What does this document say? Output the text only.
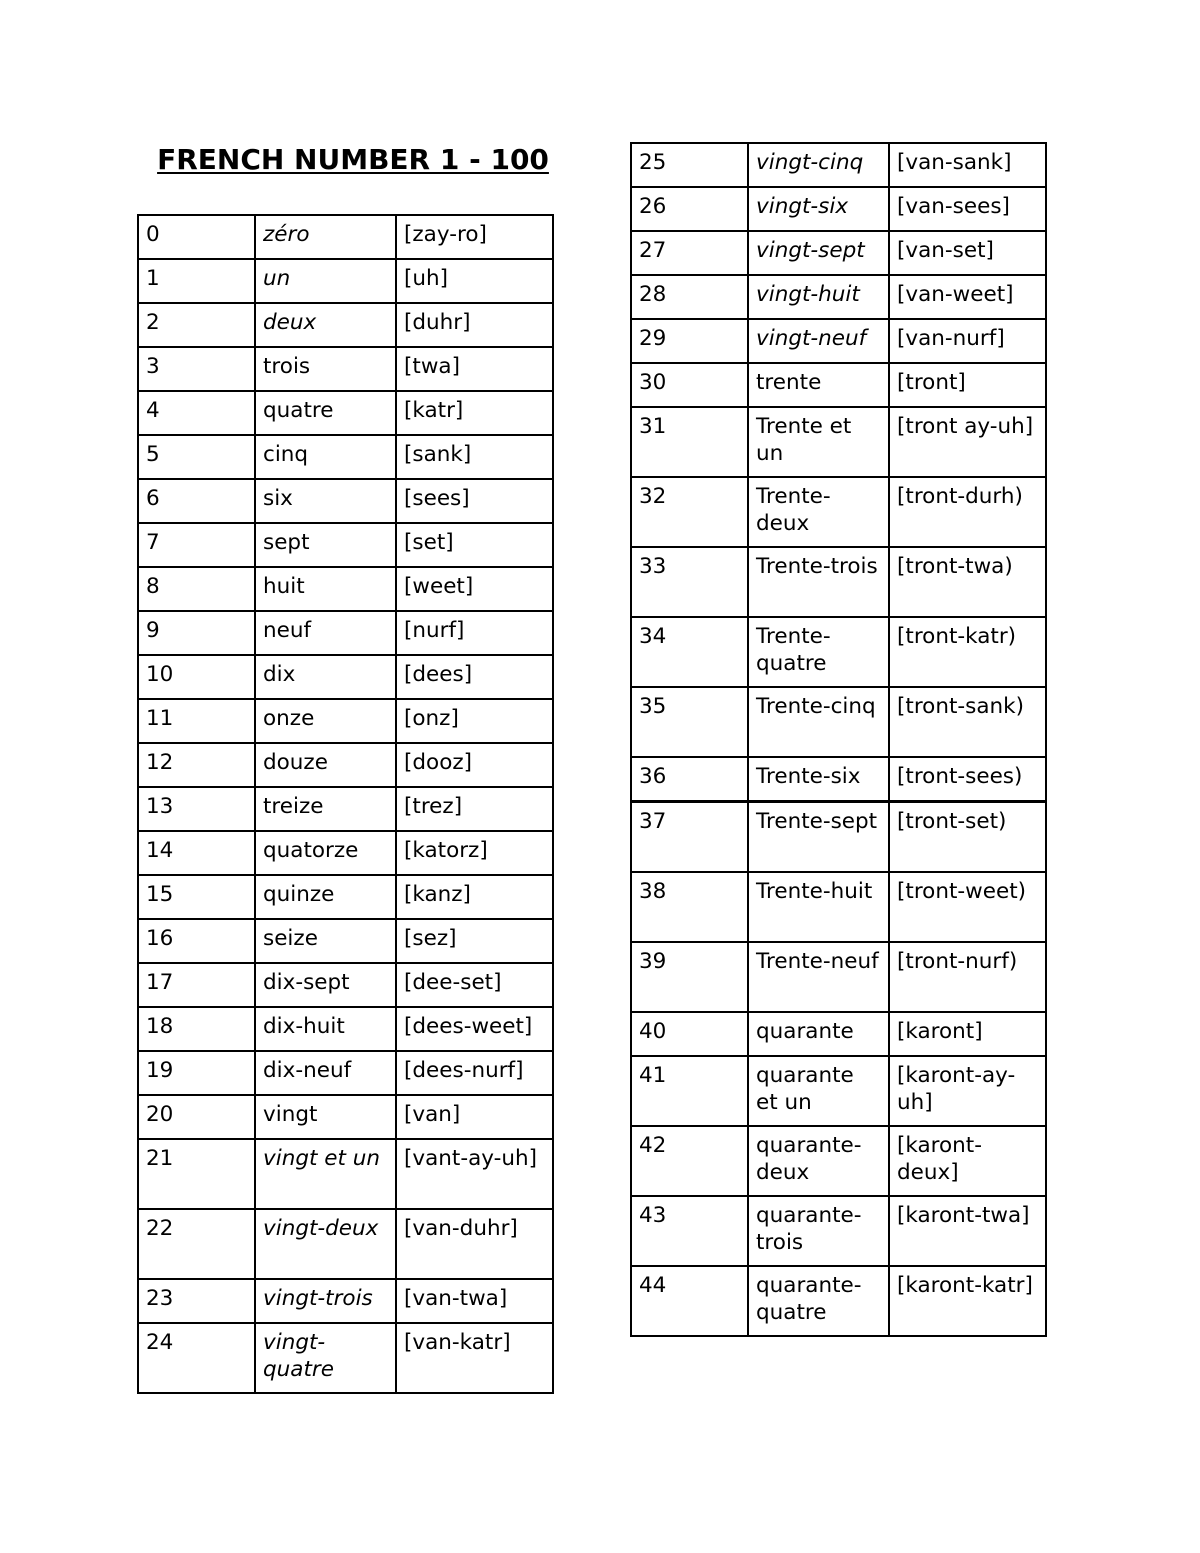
FRENCH NUMBER 1 - 100
0	zéro	[zay-ro]
1	un	[uh]
2	deux	[duhr]
3	trois	[twa]
4	quatre	[katr]
5	cinq	[sank]
6	six	[sees]
7	sept	[set]
8	huit	[weet]
9	neuf	[nurf]
10	dix	[dees]
11	onze	[onz]
12	douze	[dooz]
13	treize	[trez]
14	quatorze	[katorz]
15	quinze	[kanz]
16	seize	[sez]
17	dix-sept	[dee-set]
18	dix-huit	[dees-weet]
19	dix-neuf	[dees-nurf]
20	vingt	[van]
21	vingt et un	[vant-ay-uh]
22	vingt-deux	[van-duhr]
23	vingt-trois	[van-twa]
24	vingt-quatre	[van-katr]
25	vingt-cinq	[van-sank]
26	vingt-six	[van-sees]
27	vingt-sept	[van-set]
28	vingt-huit	[van-weet]
29	vingt-neuf	[van-nurf]
30	trente	[tront]
31	Trente et un	[tront ay-uh]
32	Trente-deux	[tront-durh)
33	Trente-trois	[tront-twa)
34	Trente-quatre	[tront-katr)
35	Trente-cinq	[tront-sank)
36	Trente-six	[tront-sees)
37	Trente-sept	[tront-set)
38	Trente-huit	[tront-weet)
39	Trente-neuf	[tront-nurf)
40	quarante	[karont]
41	quarante et un	[karont-ay-uh]
42	quarante-deux	[karont-deux]
43	quarante-trois	[karont-twa]
44	quarante-quatre	[karont-katr]
